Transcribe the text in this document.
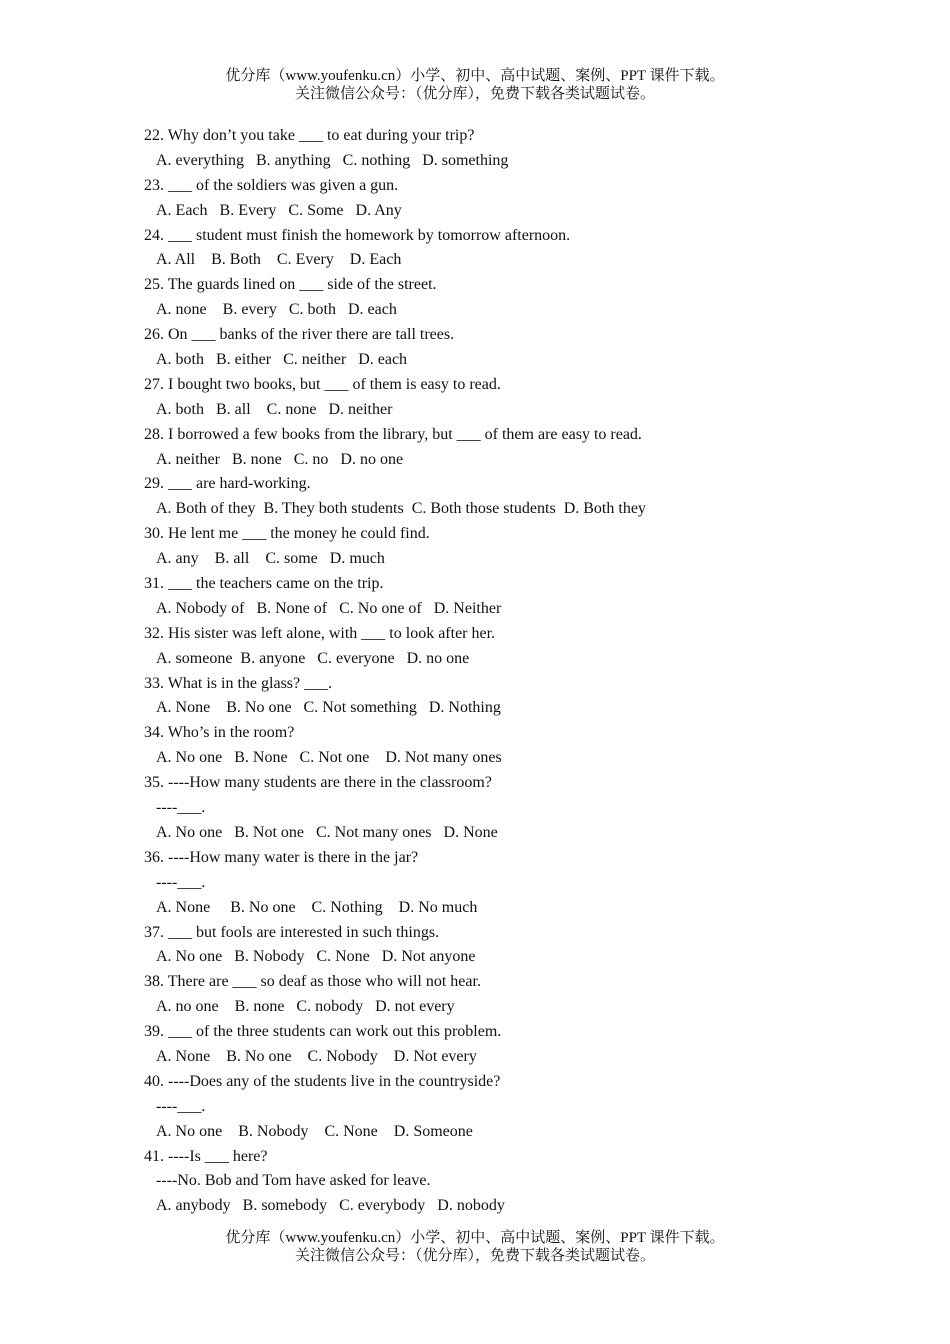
优分库（www.youfenku.cn）小学、初中、高中试题、案例、PPT 课件下载。
关注微信公众号：（优分库），免费下载各类试题试卷。
22. Why don’t you take ___ to eat during your trip?
A. everything   B. anything   C. nothing   D. something
23. ___ of the soldiers was given a gun.
A. Each   B. Every   C. Some   D. Any
24. ___ student must finish the homework by tomorrow afternoon.
A. All    B. Both    C. Every    D. Each
25. The guards lined on ___ side of the street.
A. none    B. every   C. both   D. each
26. On ___ banks of the river there are tall trees.
A. both   B. either   C. neither   D. each
27. I bought two books, but ___ of them is easy to read.
A. both   B. all    C. none   D. neither
28. I borrowed a few books from the library, but ___ of them are easy to read.
A. neither   B. none   C. no   D. no one
29. ___ are hard-working.
A. Both of they  B. They both students  C. Both those students  D. Both they
30. He lent me ___ the money he could find.
A. any    B. all    C. some   D. much
31. ___ the teachers came on the trip.
A. Nobody of   B. None of   C. No one of   D. Neither
32. His sister was left alone, with ___ to look after her.
A. someone  B. anyone   C. everyone   D. no one
33. What is in the glass? ___.
A. None    B. No one   C. Not something   D. Nothing
34. Who’s in the room?
A. No one   B. None   C. Not one    D. Not many ones
35. ----How many students are there in the classroom?
----___.
A. No one   B. Not one   C. Not many ones   D. None
36. ----How many water is there in the jar?
----___.
A. None     B. No one    C. Nothing    D. No much
37. ___ but fools are interested in such things.
A. No one   B. Nobody   C. None   D. Not anyone
38. There are ___ so deaf as those who will not hear.
A. no one    B. none   C. nobody   D. not every
39. ___ of the three students can work out this problem.
A. None    B. No one    C. Nobody    D. Not every
40. ----Does any of the students live in the countryside?
----___.
A. No one    B. Nobody    C. None    D. Someone
41. ----Is ___ here?
----No. Bob and Tom have asked for leave.
A. anybody   B. somebody   C. everybody   D. nobody
优分库（www.youfenku.cn）小学、初中、高中试题、案例、PPT 课件下载。
关注微信公众号：（优分库），免费下载各类试题试卷。
